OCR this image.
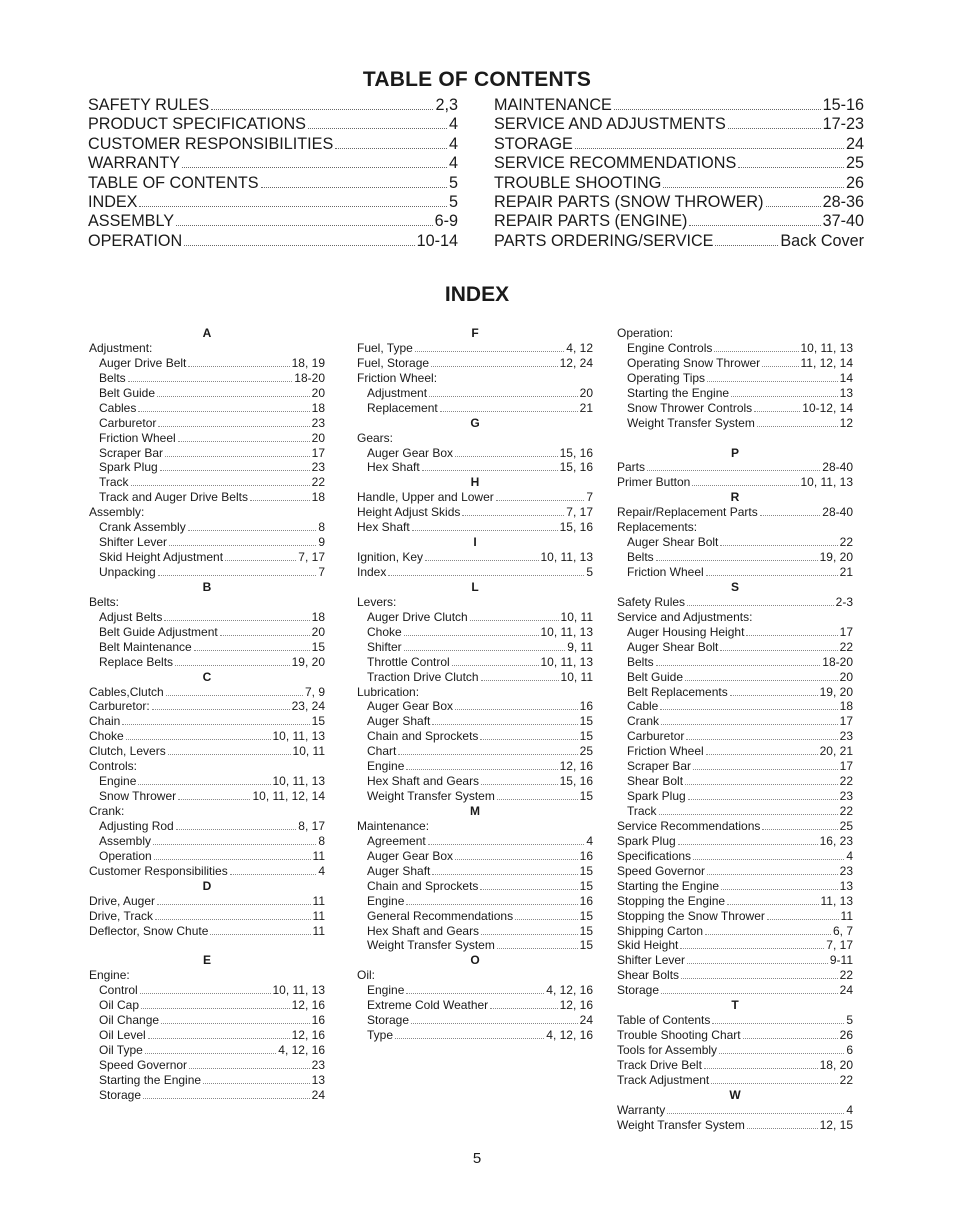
TABLE OF CONTENTS
SAFETY RULES	2,3
PRODUCT SPECIFICATIONS	4
CUSTOMER RESPONSIBILITIES	4
WARRANTY	4
TABLE OF CONTENTS	5
INDEX	5
ASSEMBLY	6-9
OPERATION	10-14
MAINTENANCE	15-16
SERVICE AND ADJUSTMENTS	17-23
STORAGE	24
SERVICE RECOMMENDATIONS	25
TROUBLE SHOOTING	26
REPAIR PARTS (SNOW THROWER)	28-36
REPAIR PARTS (ENGINE)	37-40
PARTS ORDERING/SERVICE	Back Cover
INDEX
A
Adjustment:
Auger Drive Belt	18, 19
Belts	18-20
Belt Guide	20
Cables	18
Carburetor	23
Friction Wheel	20
Scraper Bar	17
Spark Plug	23
Track	22
Track and Auger Drive Belts	18
Assembly:
Crank Assembly	8
Shifter Lever	9
Skid Height Adjustment	7, 17
Unpacking	7
B
Belts:
Adjust Belts	18
Belt Guide Adjustment	20
Belt Maintenance	15
Replace Belts	19, 20
C
Cables,Clutch	7, 9
Carburetor:	23, 24
Chain	15
Choke	10, 11, 13
Clutch, Levers	10, 11
Controls:
Engine	10, 11, 13
Snow Thrower	10, 11, 12, 14
Crank:
Adjusting Rod	8, 17
Assembly	8
Operation	11
Customer Responsibilities	4
D
Drive, Auger	11
Drive, Track	11
Deflector, Snow Chute	11
E
Engine:
Control	10, 11, 13
Oil Cap	12, 16
Oil Change	16
Oil Level	12, 16
Oil Type	4, 12, 16
Speed Governor	23
Starting the Engine	13
Storage	24
F
Fuel, Type	4, 12
Fuel, Storage	12, 24
Friction Wheel:
Adjustment	20
Replacement	21
G
Gears:
Auger Gear Box	15, 16
Hex Shaft	15, 16
H
Handle, Upper and Lower	7
Height Adjust Skids	7, 17
Hex Shaft	15, 16
I
Ignition, Key	10, 11, 13
Index	5
L
Levers:
Auger Drive Clutch	10, 11
Choke	10, 11, 13
Shifter	9, 11
Throttle Control	10, 11, 13
Traction Drive Clutch	10, 11
Lubrication:
Auger Gear Box	16
Auger Shaft	15
Chain and Sprockets	15
Chart	25
Engine	12, 16
Hex Shaft and Gears	15, 16
Weight Transfer System	15
M
Maintenance:
Agreement	4
Auger Gear Box	16
Auger Shaft	15
Chain and Sprockets	15
Engine	16
General Recommendations	15
Hex Shaft and Gears	15
Weight Transfer System	15
O
Oil:
Engine	4, 12, 16
Extreme Cold Weather	12, 16
Storage	24
Type	4, 12, 16
Operation:
Engine Controls	10, 11, 13
Operating Snow Thrower	11, 12, 14
Operating Tips	14
Starting the Engine	13
Snow Thrower Controls	10-12, 14
Weight Transfer System	12
P
Parts	28-40
Primer Button	10, 11, 13
R
Repair/Replacement Parts	28-40
Replacements:
Auger Shear Bolt	22
Belts	19, 20
Friction Wheel	21
S
Safety Rules	2-3
Service and Adjustments:
Auger Housing Height	17
Auger Shear Bolt	22
Belts	18-20
Belt Guide	20
Belt Replacements	19, 20
Cable	18
Crank	17
Carburetor	23
Friction Wheel	20, 21
Scraper Bar	17
Shear Bolt	22
Spark Plug	23
Track	22
Service Recommendations	25
Spark Plug	16, 23
Specifications	4
Speed Governor	23
Starting the Engine	13
Stopping the Engine	11, 13
Stopping the Snow Thrower	11
Shipping Carton	6, 7
Skid Height	7, 17
Shifter Lever	9-11
Shear Bolts	22
Storage	24
T
Table of Contents	5
Trouble Shooting Chart	26
Tools for Assembly	6
Track Drive Belt	18, 20
Track Adjustment	22
W
Warranty	4
Weight Transfer System	12, 15
5
